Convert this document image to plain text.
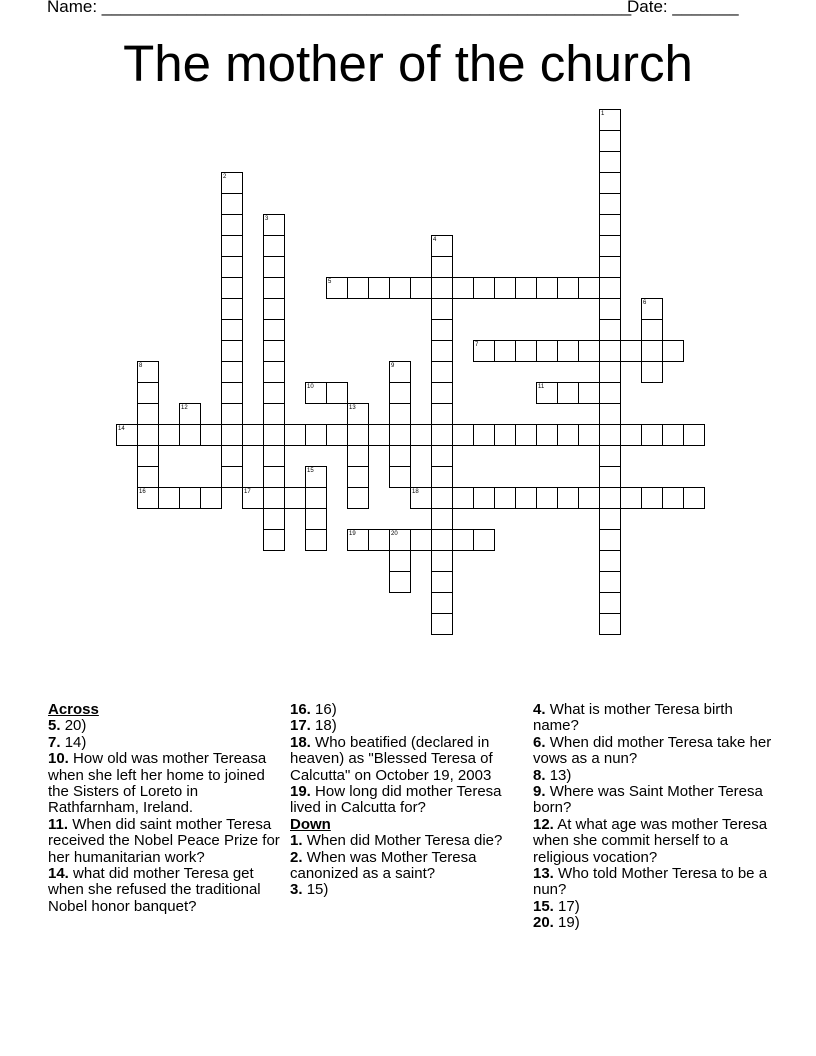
Name: ________________________________________________________
Date: _______
The mother of the church
1
2
3
4
5
6
7
8	9
10	11
12	13
14
15
16	17	18
19	20
Across
5. 20)
7. 14)
10. How old was mother Tereasa when she left her home to joined the Sisters of Loreto in Rathfarnham, Ireland.
11. When did saint mother Teresa received the Nobel Peace Prize for her humanitarian work?
14. what did mother Teresa get when she refused the traditional Nobel honor banquet?
16. 16)
17. 18)
18. Who beatified (declared in heaven) as "Blessed Teresa of Calcutta" on October 19, 2003
19. How long did mother Teresa lived in Calcutta for?
Down
1. When did Mother Teresa die?
2. When was Mother Teresa canonized as a saint?
3. 15)
4. What is mother Teresa birth name?
6. When did mother Teresa take her vows as a nun?
8. 13)
9. Where was Saint Mother Teresa born?
12. At what age was mother Teresa when she commit herself to a religious vocation?
13. Who told Mother Teresa to be a nun?
15. 17)
20. 19)
